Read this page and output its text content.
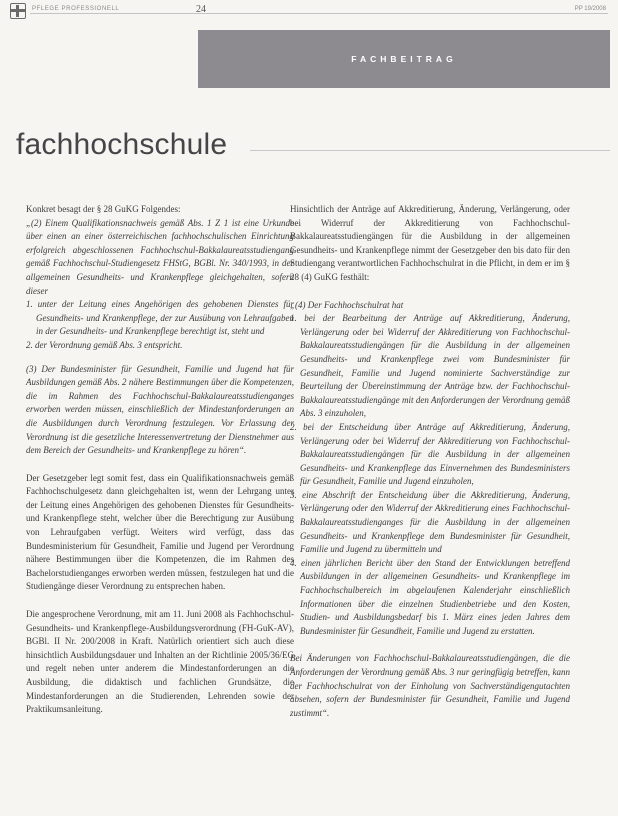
PFLEGE PROFESSIONELL	24	PP 19/2008
FACHBEITRAG
fachhochschule

Konkret besagt der § 28 GuKG Folgendes:

„(2) Einem Qualifikationsnachweis gemäß Abs. 1 Z 1 ist eine Urkunde über einen an einer österreichischen fachhochschulischen Einrichtung erfolgreich abgeschlossenen Fachhochschul-Bakkalaureatsstudiengang gemäß Fachhochschul-Studiengesetz FHStG, BGBl. Nr. 340/1993, in der allgemeinen Gesundheits- und Krankenpflege gleichgehalten, sofern dieser

1. unter der Leitung eines Angehörigen des gehobenen Dienstes für Gesundheits- und Krankenpflege, der zur Ausübung von Lehraufgaben in der Gesundheits- und Krankenpflege berechtigt ist, steht und

2. der Verordnung gemäß Abs. 3 entspricht.

(3) Der Bundesminister für Gesundheit, Familie und Jugend hat für Ausbildungen gemäß Abs. 2 nähere Bestimmungen über die Kompetenzen, die im Rahmen des Fachhochschul-Bakkalaureatsstudienganges erworben werden müssen, einschließlich der Mindestanforderungen an die Ausbildungen durch Verordnung festzulegen. Vor Erlassung der Verordnung ist die gesetzliche Interessenvertretung der Dienstnehmer aus dem Bereich der Gesundheits- und Krankenpflege zu hören“.

Der Gesetzgeber legt somit fest, dass ein Qualifikationsnachweis gemäß Fachhochschulgesetz dann gleichgehalten ist, wenn der Lehrgang unter der Leitung eines Angehörigen des gehobenen Dienstes für Gesundheits- und Krankenpflege steht, welcher über die Berechtigung zur Ausübung von Lehraufgaben verfügt. Weiters wird verfügt, dass das Bundesministerium für Gesundheit, Familie und Jugend per Verordnung nähere Bestimmungen über die Kompetenzen, die im Rahmen des Bachelorstudienganges erworben werden müssen, festzulegen hat und die Studiengänge dieser Verordnung zu entsprechen haben.

Die angesprochene Verordnung, mit am 11. Juni 2008 als Fachhochschul-Gesundheits- und Krankenpflege-Ausbildungsverordnung (FH-GuK-AV), BGBl. II Nr. 200/2008 in Kraft. Natürlich orientiert sich auch diese hinsichtlich Ausbildungsdauer und Inhalten an der Richtlinie 2005/36/EG und regelt neben unter anderem die Mindestanforderungen an die Ausbildung, die didaktisch und fachlichen Grundsätze, die Mindestanforderungen an die Studierenden, Lehrenden sowie der Praktikumsanleitung.

Hinsichtlich der Anträge auf Akkreditierung, Änderung, Verlängerung, oder bei Widerruf der Akkreditierung von Fachhochschul-Bakkalaureatsstudiengängen für die Ausbildung in der allgemeinen Gesundheits- und Krankenpflege nimmt der Gesetzgeber den bis dato für den Studiengang verantwortlichen Fachhochschulrat in die Pflicht, in dem er im § 28 (4) GuKG festhält:

„(4) Der Fachhochschulrat hat

1. bei der Bearbeitung der Anträge auf Akkreditierung, Änderung, Verlängerung oder bei Widerruf der Akkreditierung von Fachhochschul-Bakkalaureatsstudiengängen für die Ausbildung in der allgemeinen Gesundheits- und Krankenpflege zwei vom Bundesminister für Gesundheit, Familie und Jugend nominierte Sachverständige zur Beurteilung der Übereinstimmung der Anträge bzw. der Fachhochschul-Bakkalaureatsstudiengänge mit den Anforderungen der Verordnung gemäß Abs. 3 einzuholen,

2. bei der Entscheidung über Anträge auf Akkreditierung, Änderung, Verlängerung oder bei Widerruf der Akkreditierung von Fachhochschul-Bakkalaureatsstudiengängen für die Ausbildung in der allgemeinen Gesundheits- und Krankenpflege das Einvernehmen des Bundesministers für Gesundheit, Familie und Jugend einzuholen,

3. eine Abschrift der Entscheidung über die Akkreditierung, Änderung, Verlängerung oder den Widerruf der Akkreditierung eines Fachhochschul-Bakkalaureatsstudienganges für die Ausbildung in der allgemeinen Gesundheits- und Krankenpflege dem Bundesminister für Gesundheit, Familie und Jugend zu übermitteln und

4. einen jährlichen Bericht über den Stand der Entwicklungen betreffend Ausbildungen in der allgemeinen Gesundheits- und Krankenpflege im Fachhochschulbereich im abgelaufenen Kalenderjahr einschließlich Informationen über die einzelnen Studienbetriebe und den Kosten, Studien- und Ausbildungsbedarf bis 1. März eines jeden Jahres dem Bundesminister für Gesundheit, Familie und Jugend zu erstatten.

Bei Änderungen von Fachhochschul-Bakkalaureatsstudiengängen, die die Anforderungen der Verordnung gemäß Abs. 3 nur geringfügig betreffen, kann der Fachhochschulrat von der Einholung von Sachverständigengutachten absehen, sofern der Bundesminister für Gesundheit, Familie und Jugend zustimmt“.
